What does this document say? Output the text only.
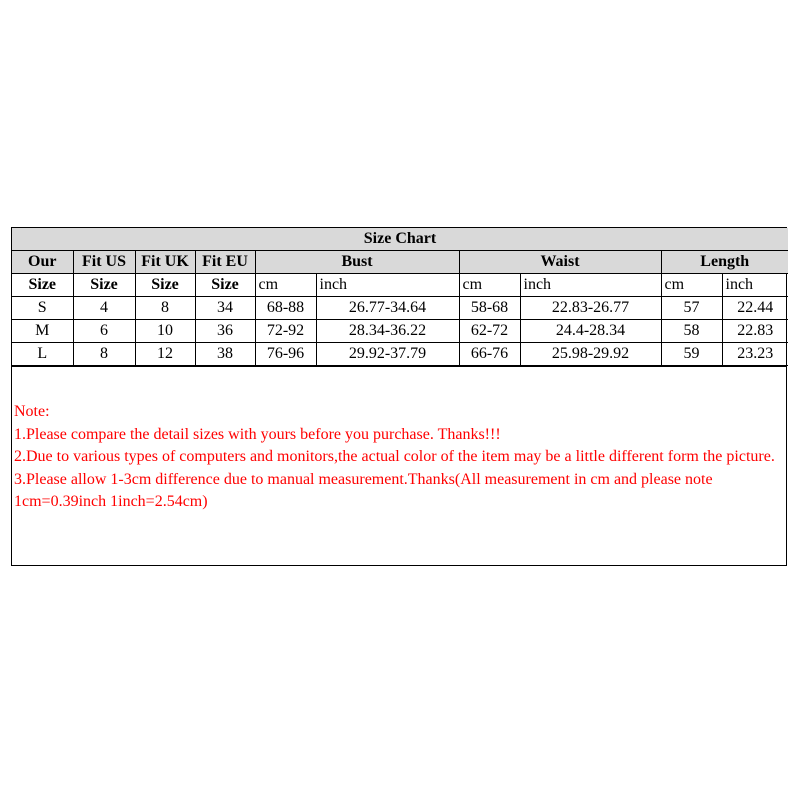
Size Chart									
Our	Fit US	Fit UK	Fit EU	Bust		Waist		Length	
Size	Size	Size	Size	cm	inch	cm	inch	cm	inch
S	4	8	34	68-88	26.77-34.64	58-68	22.83-26.77	57	22.44
M	6	10	36	72-92	28.34-36.22	62-72	24.4-28.34	58	22.83
L	8	12	38	76-96	29.92-37.79	66-76	25.98-29.92	59	23.23
Note:
1.Please compare the detail sizes with yours before you purchase. Thanks!!!
2.Due to various types of computers and monitors,the actual color of the item may be a little different form the picture.
3.Please allow 1-3cm difference due to manual measurement.Thanks(All measurement in cm and please note 1cm=0.39inch 1inch=2.54cm)
